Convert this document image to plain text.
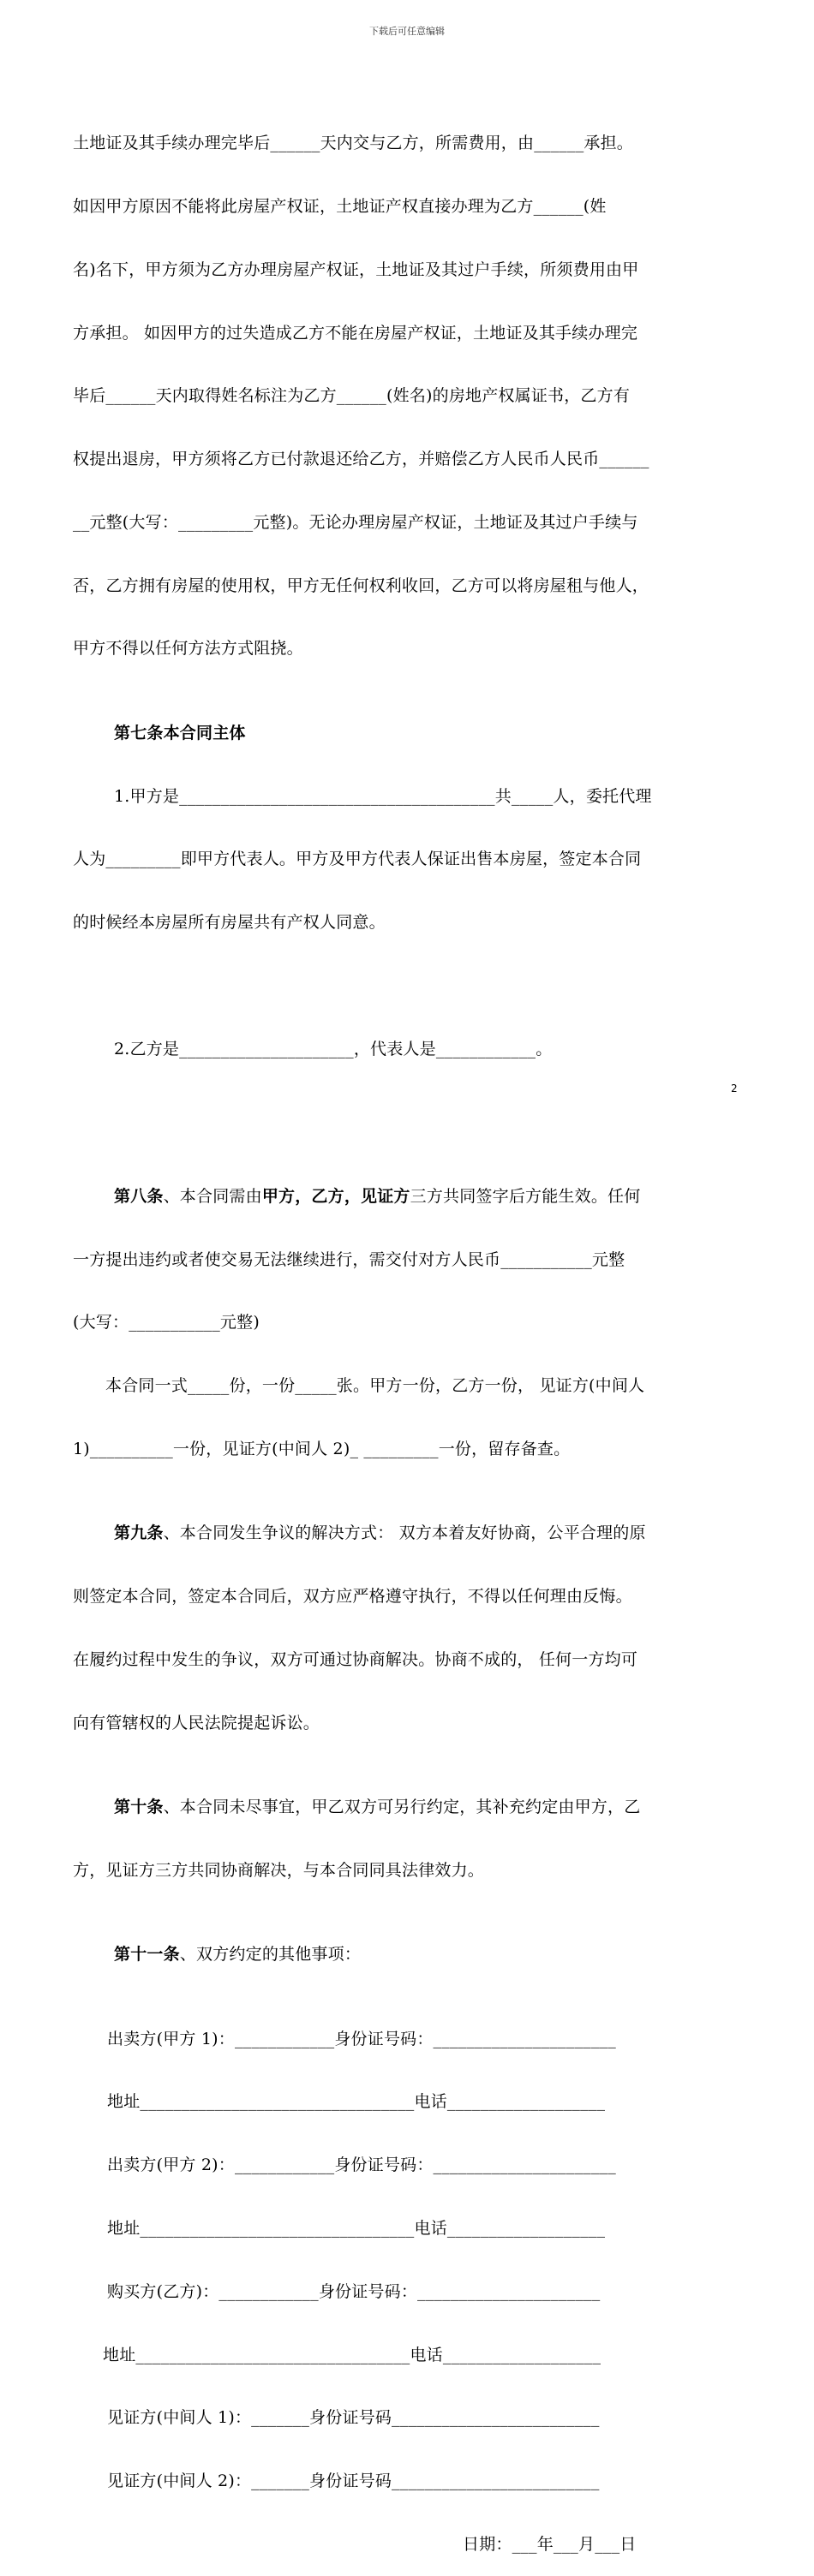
下载后可任意编辑

土地证及其手续办理完毕后______天内交与乙方，所需费用，由______承担。

如因甲方原因不能将此房屋产权证，土地证产权直接办理为乙方______(姓

名)名下，甲方须为乙方办理房屋产权证，土地证及其过户手续，所须费用由甲

方承担。 如因甲方的过失造成乙方不能在房屋产权证，土地证及其手续办理完

毕后______天内取得姓名标注为乙方______(姓名)的房地产权属证书，乙方有

权提出退房，甲方须将乙方已付款退还给乙方，并赔偿乙方人民币人民币______

__元整(大写：_________元整)。无论办理房屋产权证，土地证及其过户手续与

否，乙方拥有房屋的使用权，甲方无任何权利收回，乙方可以将房屋租与他人，

甲方不得以任何方法方式阻挠。

第七条本合同主体

1.甲方是______________________________________共_____人，委托代理

人为_________即甲方代表人。甲方及甲方代表人保证出售本房屋，签定本合同

的时候经本房屋所有房屋共有产权人同意。

2.乙方是_____________________，代表人是____________。

第八条、本合同需由甲方，乙方，见证方三方共同签字后方能生效。任何

一方提出违约或者使交易无法继续进行，需交付对方人民币___________元整

(大写：___________元整)

本合同一式_____份，一份_____张。甲方一份，乙方一份， 见证方(中间人

1)__________一份，见证方(中间人 2)_ _________一份，留存备查。

第九条、本合同发生争议的解决方式： 双方本着友好协商，公平合理的原

则签定本合同，签定本合同后，双方应严格遵守执行，不得以任何理由反悔。

在履约过程中发生的争议，双方可通过协商解决。协商不成的， 任何一方均可

向有管辖权的人民法院提起诉讼。

第十条、本合同未尽事宜，甲乙双方可另行约定，其补充约定由甲方，乙

方，见证方三方共同协商解决，与本合同同具法律效力。

第十一条、双方约定的其他事项：

出卖方(甲方 1)：____________身份证号码：______________________

地址_________________________________电话___________________

出卖方(甲方 2)：____________身份证号码：______________________

地址_________________________________电话___________________

购买方(乙方)：____________身份证号码：______________________

地址_________________________________电话___________________

见证方(中间人 1)：_______身份证号码_________________________

见证方(中间人 2)：_______身份证号码_________________________

日期：___年___月___日

2
